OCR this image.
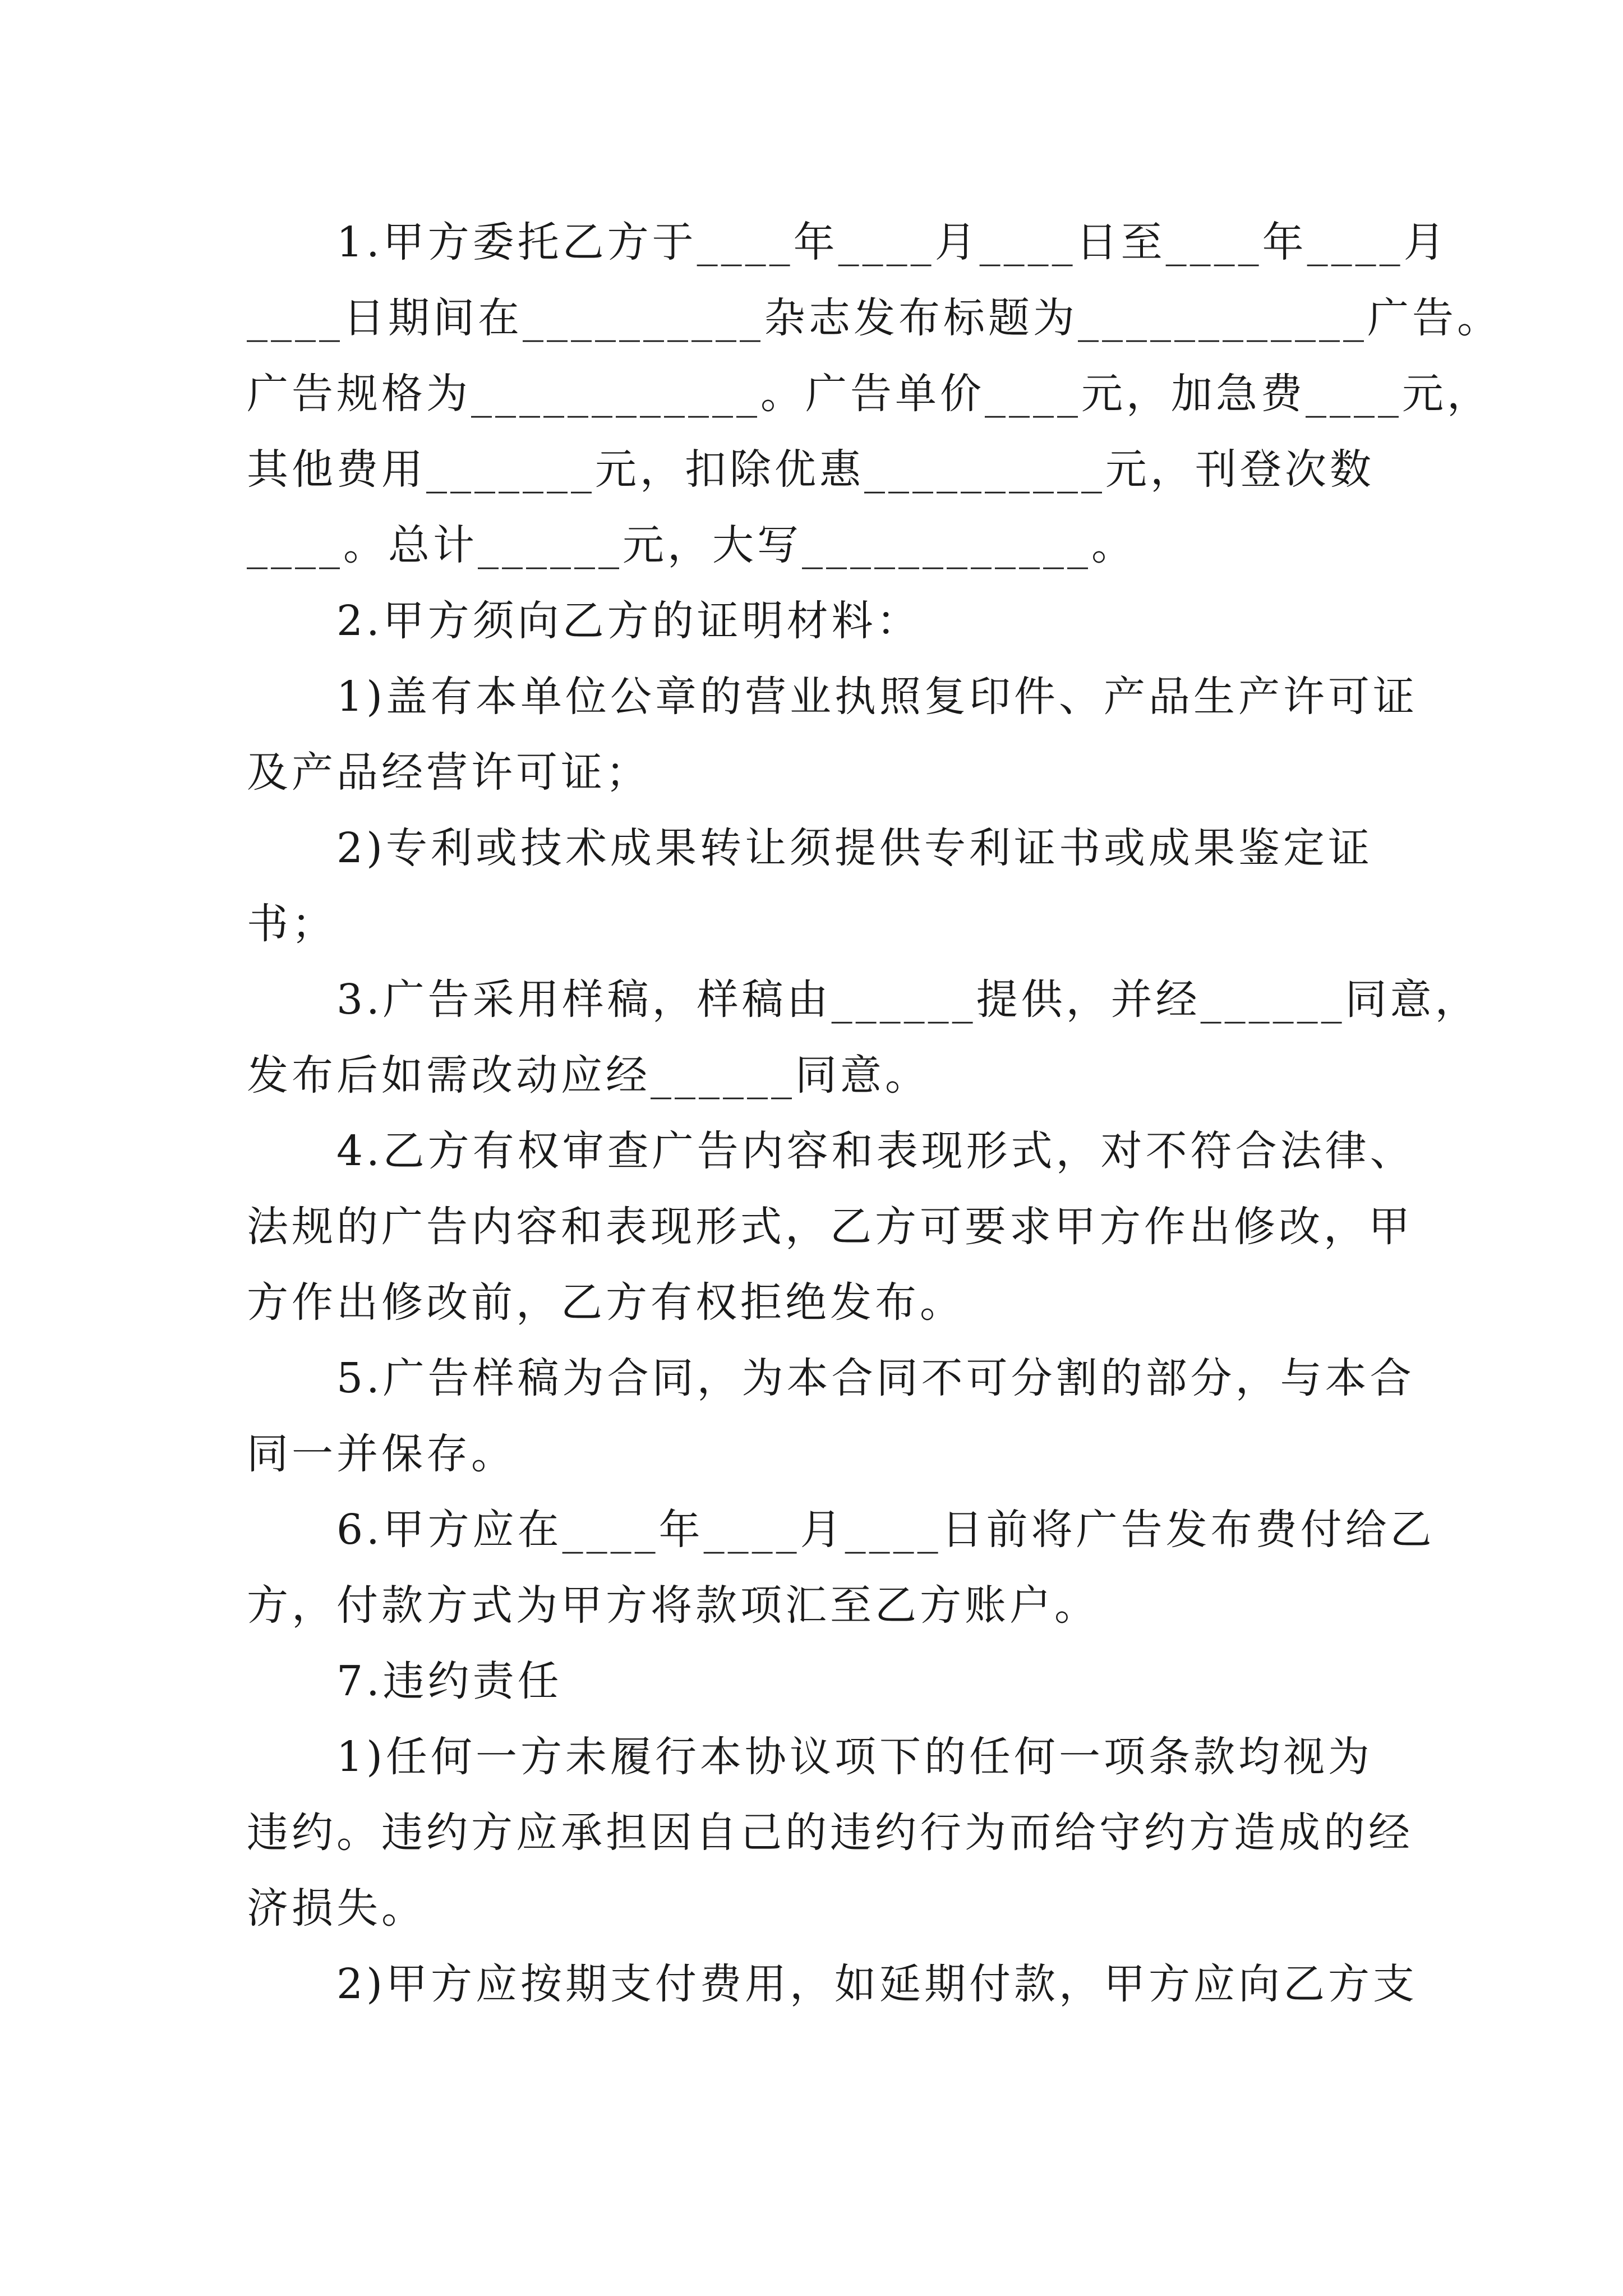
　　1.甲方委托乙方于____年____月____日至____年____月
____日期间在__________杂志发布标题为____________广告。
广告规格为____________。广告单价____元，加急费____元，
其他费用_______元，扣除优惠__________元，刊登次数
____。总计______元，大写____________。
　　2.甲方须向乙方的证明材料：
　　1)盖有本单位公章的营业执照复印件、产品生产许可证
及产品经营许可证；
　　2)专利或技术成果转让须提供专利证书或成果鉴定证
书；
　　3.广告采用样稿，样稿由______提供，并经______同意，
发布后如需改动应经______同意。
　　4.乙方有权审查广告内容和表现形式，对不符合法律、
法规的广告内容和表现形式，乙方可要求甲方作出修改，甲
方作出修改前，乙方有权拒绝发布。
　　5.广告样稿为合同，为本合同不可分割的部分，与本合
同一并保存。
　　6.甲方应在____年____月____日前将广告发布费付给乙
方，付款方式为甲方将款项汇至乙方账户。
　　7.违约责任
　　1)任何一方未履行本协议项下的任何一项条款均视为
违约。违约方应承担因自己的违约行为而给守约方造成的经
济损失。
　　2)甲方应按期支付费用，如延期付款，甲方应向乙方支
